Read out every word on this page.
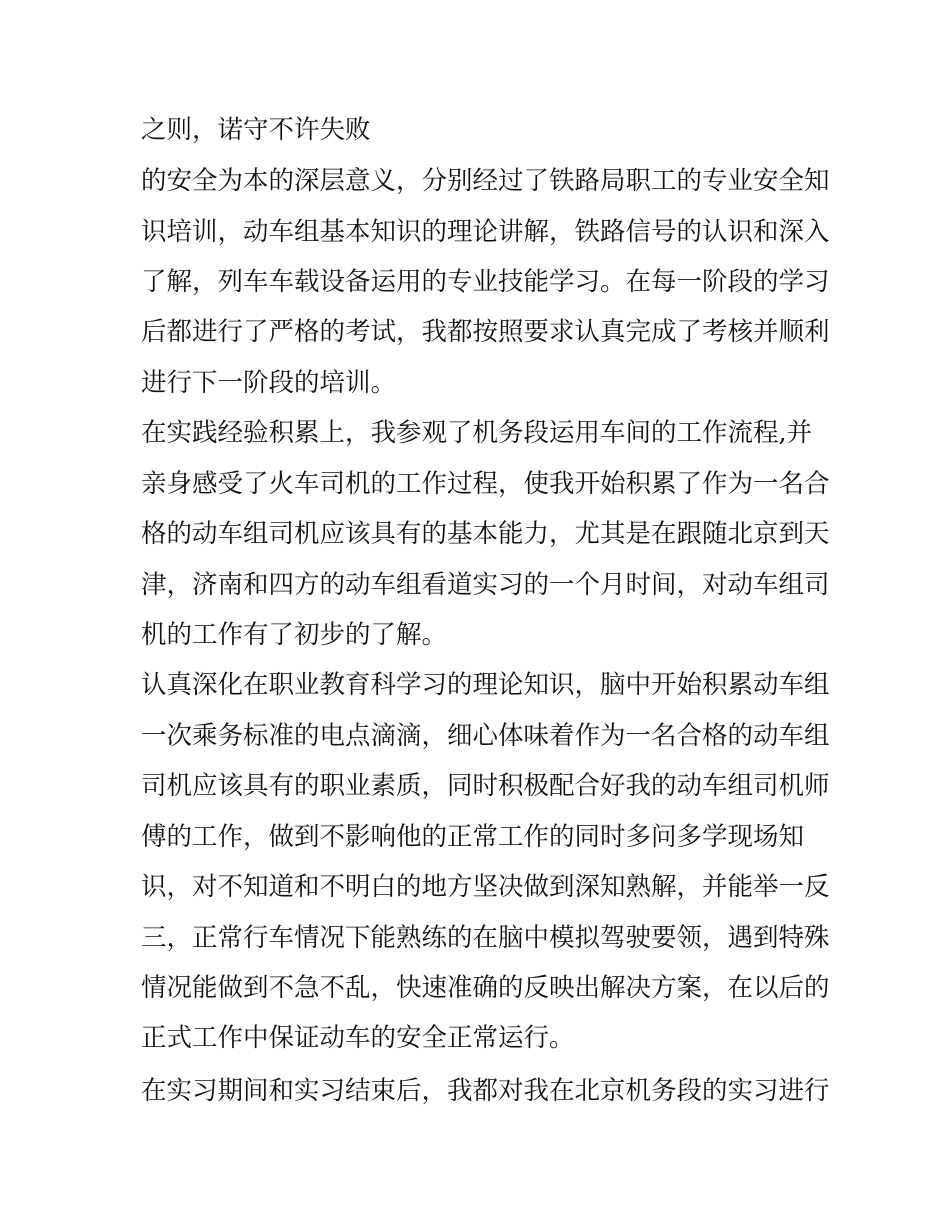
之则，诺守不许失败
的安全为本的深层意义，分别经过了铁路局职工的专业安全知
识培训，动车组基本知识的理论讲解，铁路信号的认识和深入
了解，列车车载设备运用的专业技能学习。在每一阶段的学习
后都进行了严格的考试，我都按照要求认真完成了考核并顺利
进行下一阶段的培训。
在实践经验积累上，我参观了机务段运用车间的工作流程,并
亲身感受了火车司机的工作过程，使我开始积累了作为一名合
格的动车组司机应该具有的基本能力，尤其是在跟随北京到天
津，济南和四方的动车组看道实习的一个月时间，对动车组司
机的工作有了初步的了解。
认真深化在职业教育科学习的理论知识，脑中开始积累动车组
一次乘务标准的电点滴滴，细心体味着作为一名合格的动车组
司机应该具有的职业素质，同时积极配合好我的动车组司机师
傅的工作，做到不影响他的正常工作的同时多问多学现场知
识，对不知道和不明白的地方坚决做到深知熟解，并能举一反
三，正常行车情况下能熟练的在脑中模拟驾驶要领，遇到特殊
情况能做到不急不乱，快速准确的反映出解决方案，在以后的
正式工作中保证动车的安全正常运行。
在实习期间和实习结束后，我都对我在北京机务段的实习进行
